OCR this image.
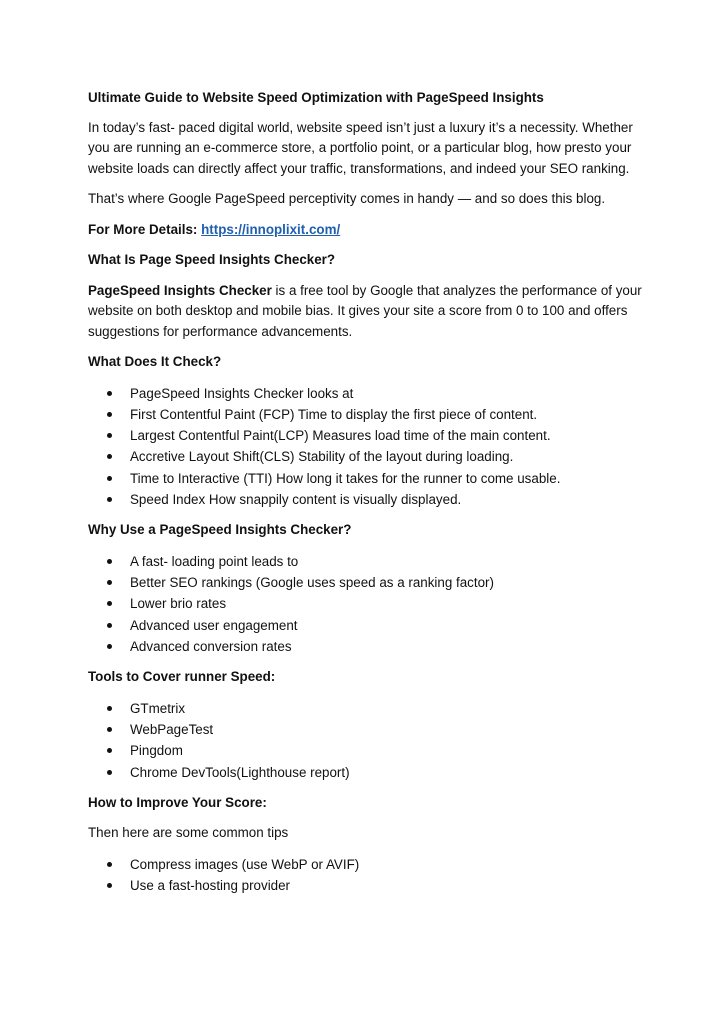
Ultimate Guide to Website Speed Optimization with PageSpeed Insights

In today’s fast- paced digital world, website speed isn’t just a luxury it’s a necessity. Whether you are running an e-commerce store, a portfolio point, or a particular blog, how presto your website loads can directly affect your traffic, transformations, and indeed your SEO ranking.

That’s where Google PageSpeed perceptivity comes in handy — and so does this blog.

For More Details: https://innoplixit.com/

What Is Page Speed Insights Checker?

PageSpeed Insights Checker is a free tool by Google that analyzes the performance of your website on both desktop and mobile bias. It gives your site a score from 0 to 100 and offers suggestions for performance advancements.

What Does It Check?

PageSpeed Insights Checker looks at
First Contentful Paint (FCP) Time to display the first piece of content.
Largest Contentful Paint(LCP) Measures load time of the main content.
Accretive Layout Shift(CLS) Stability of the layout during loading.
Time to Interactive (TTI) How long it takes for the runner to come usable.
Speed Index How snappily content is visually displayed.

Why Use a PageSpeed Insights Checker?

A fast- loading point leads to
Better SEO rankings (Google uses speed as a ranking factor)
Lower brio rates
Advanced user engagement
Advanced conversion rates

Tools to Cover runner Speed:

GTmetrix
WebPageTest
Pingdom
Chrome DevTools(Lighthouse report)

How to Improve Your Score:

Then here are some common tips

Compress images (use WebP or AVIF)
Use a fast-hosting provider
